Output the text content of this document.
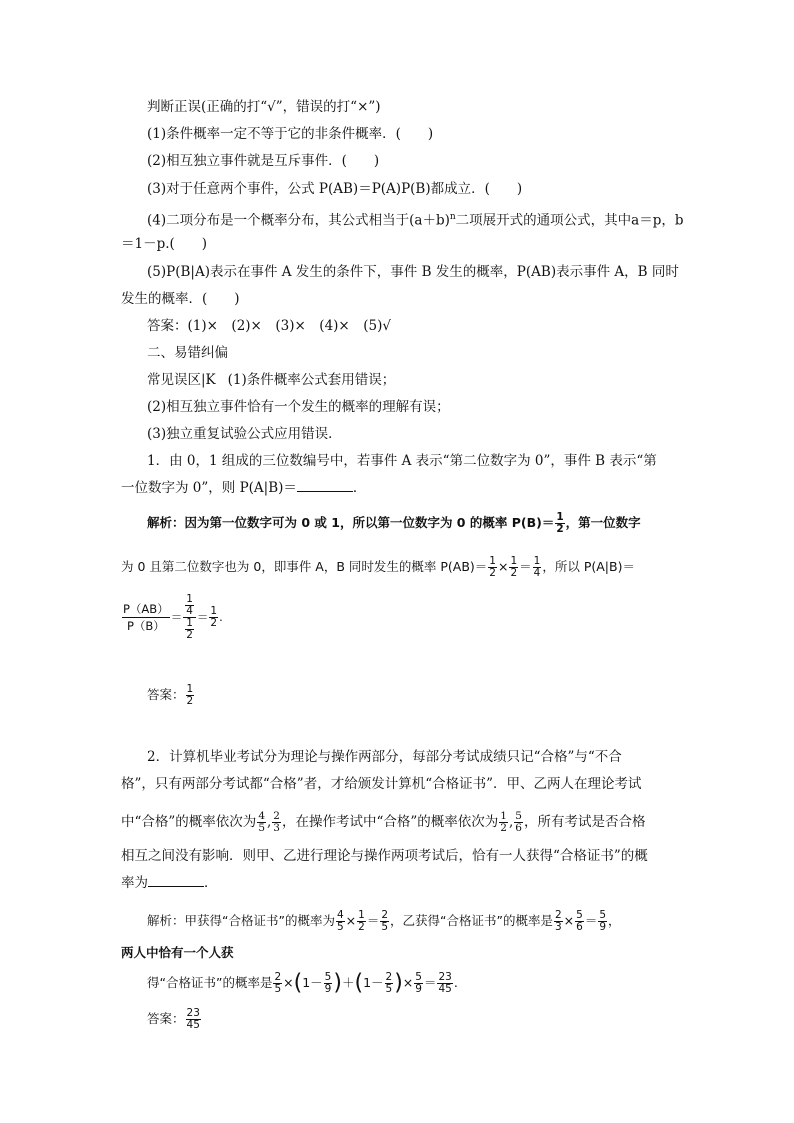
判断正误(正确的打“√”，错误的打“×”)
(1)条件概率一定不等于它的非条件概率．(　　)
(2)相互独立事件就是互斥事件．(　　)
(3)对于任意两个事件，公式 P(AB)＝P(A)P(B)都成立．(　　)
(4)二项分布是一个概率分布，其公式相当于$(a+b)^n$二项展开式的通项公式，其中a＝p，b
＝1－p.(　　)
(5)P(B|A)表示在事件 A 发生的条件下，事件 B 发生的概率，P(AB)表示事件 A，B 同时
发生的概率．(　　)
答案：(1)×　(2)×　(3)×　(4)×　(5)√
二、易错纠偏
常见误区|K (1)条件概率公式套用错误；
(2)相互独立事件恰有一个发生的概率的理解有误；
(3)独立重复试验公式应用错误．
1．由 0，1 组成的三位数编号中，若事件 A 表示“第二位数字为 0”，事件 B 表示“第
一位数字为 0”，则 P(A|B)＝	．
解析：因为第一位数字可为 0 或 1，所以第一位数字为 0 的概率 $P(B)= \frac{1}{2}$ ，第一位数字
为 0 且第二位数字也为 0，即事件 A，B 同时发生的概率 $P(AB)= \frac{1}{2} \times \frac{1}{2} = \frac{1}{4}$ ，所以 P(A|B)＝
$\frac{P(AB)}{P(B)} = \frac{\frac{1}{4}}{\frac{1}{2}} = \frac{1}{2}$ .
答案： $\frac{1}{2}$
2．计算机毕业考试分为理论与操作两部分，每部分考试成绩只记“合格”与“不合
格”，只有两部分考试都“合格”者，才给颁发计算机“合格证书”．甲、乙两人在理论考试
中“合格”的概率依次为 $\frac{4}{5}$ , $\frac{2}{3}$ ，在操作考试中“合格”的概率依次为 $\frac{1}{2}$ , $\frac{5}{6}$ ，所有考试是否合格
相互之间没有影响．则甲、乙进行理论与操作两项考试后，恰有一人获得“合格证书”的概
率为	．
解析：甲获得“合格证书”的概率为 $\frac{4}{5} \times \frac{1}{2} = \frac{2}{5}$ ，乙获得“合格证书”的概率是 $\frac{2}{3} \times \frac{5}{6} = \frac{5}{9}$ ，
两人中恰有一个人获
得“合格证书”的概率是 $\frac{2}{5} \times(1- \frac{5}{9} )+(1- \frac{2}{5}$ )× $\frac{5}{9} = \frac{23}{45}$ .
答案： $\frac{23}{45}$
